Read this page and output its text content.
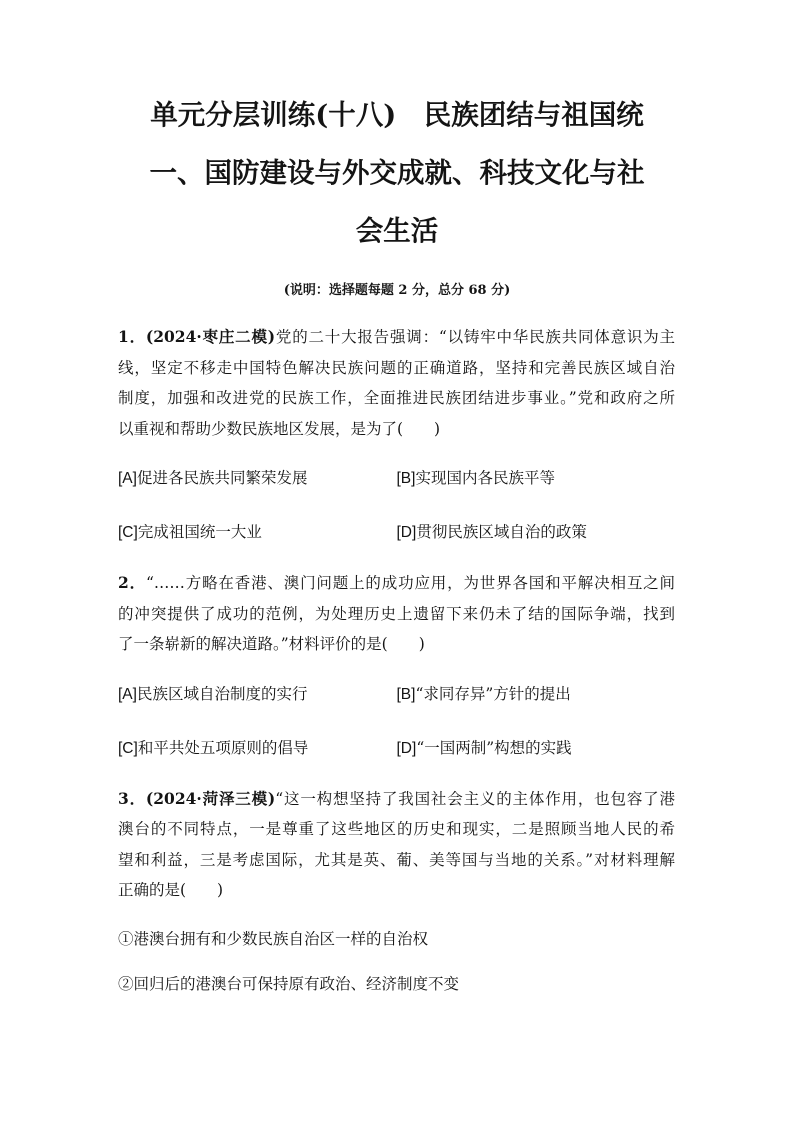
单元分层训练(十八)　民族团结与祖国统
一、国防建设与外交成就、科技文化与社
会生活
(说明：选择题每题 2 分，总分 68 分)
1．(2024·枣庄二模)党的二十大报告强调：“以铸牢中华民族共同体意识为主
线，坚定不移走中国特色解决民族问题的正确道路，坚持和完善民族区域自治
制度，加强和改进党的民族工作，全面推进民族团结进步事业。”党和政府之所
以重视和帮助少数民族地区发展，是为了(　　)
[A]促进各民族共同繁荣发展	[B]实现国内各民族平等
[C]完成祖国统一大业	[D]贯彻民族区域自治的政策
2．“……方略在香港、澳门问题上的成功应用，为世界各国和平解决相互之间
的冲突提供了成功的范例，为处理历史上遗留下来仍未了结的国际争端，找到
了一条崭新的解决道路。”材料评价的是(　　)
[A]民族区域自治制度的实行	[B]“求同存异”方针的提出
[C]和平共处五项原则的倡导	[D]“一国两制”构想的实践
3．(2024·菏泽三模)“这一构想坚持了我国社会主义的主体作用，也包容了港
澳台的不同特点，一是尊重了这些地区的历史和现实，二是照顾当地人民的希
望和利益，三是考虑国际，尤其是英、葡、美等国与当地的关系。”对材料理解
正确的是(　　)
①港澳台拥有和少数民族自治区一样的自治权
②回归后的港澳台可保持原有政治、经济制度不变
